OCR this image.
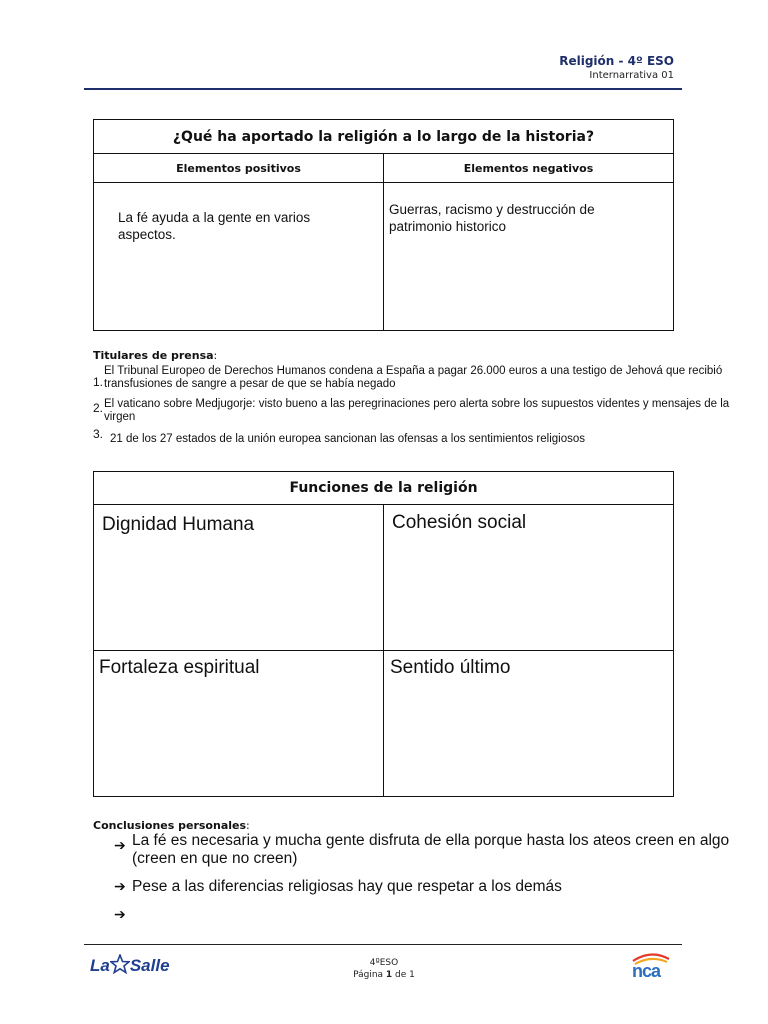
Religión - 4º ESO
Internarrativa 01
¿Qué ha aportado la religión a lo largo de la historia?	
Elementos positivos	Elementos negativos

La fé ayuda a la gente en varios aspectos.	Guerras, racismo y destrucción de patrimonio historico
Titulares de prensa:
1.
El Tribunal Europeo de Derechos Humanos condena a España a pagar 26.000 euros a una testigo de Jehová que recibió transfusiones de sangre a pesar de que se había negado
2. El vaticano sobre Medjugorje: visto bueno a las peregrinaciones pero alerta sobre los supuestos videntes y mensajes de la virgen
3. 21 de los 27 estados de la unión europea sancionan las ofensas a los sentimientos religiosos
Funciones de la religión	

Dignidad Humana	Cohesión social

Fortaleza espiritual	Sentido último
Conclusiones personales:
➔ La fé es necesaria y mucha gente disfruta de ella porque hasta los ateos creen en algo (creen en que no creen)
➔ Pese a las diferencias religiosas hay que respetar a los demás
➔
4ºESO
Página 1 de 1
La Salle	nca
